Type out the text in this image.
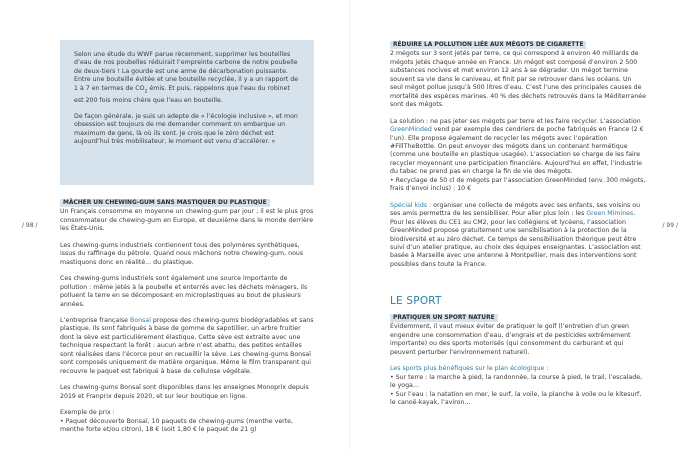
/ 98 /	/ 99 /

Selon une étude du WWF parue récemment, supprimer les bouteilles d’eau de nos poubelles réduirait l’empreinte carbone de notre poubelle de deux-tiers ! La gourde est une arme de décarbonation puissante. Entre une bouteille évitée et une bouteille recyclée, il y a un rapport de 1 à 7 en termes de $CO_2$ émis. Et puis, rappelons que l’eau du robinet est 200 fois moins chère que l’eau en bouteille.

De façon générale, je suis un adepte de « l’écologie inclusive », et mon obsession est toujours de me demander comment on embarque un maximum de gens, là où ils sont. Je crois que le zéro déchet est aujourd’hui très mobilisateur, le moment est venu d’accélérer. »

MÂCHER UN CHEWING-GUM SANS MASTIQUER DU PLASTIQUE

Un Français consomme en moyenne un chewing-gum par jour ; il est le plus gros consommateur de chewing-gum en Europe, et deuxième dans le monde derrière les États-Unis.

Les chewing-gums industriels contiennent tous des polymères synthétiques, issus du raffinage du pétrole. Quand nous mâchons notre chewing-gum, nous mastiquons donc en réalité... du plastique.

Ces chewing-gums industriels sont également une source importante de pollution : même jetés à la poubelle et enterrés avec les déchets ménagers, ils polluent la terre en se décomposant en microplastiques au bout de plusieurs années.

L’entreprise française Bonsaï propose des chewing-gums biodégradables et sans plastique. Ils sont fabriqués à base de gomme de sapotillier, un arbre fruitier dont la sève est particulièrement élastique. Cette sève est extraite avec une technique respectant la forêt : aucun arbre n’est abattu, des petites entailles sont réalisées dans l’écorce pour en recueillir la sève. Les chewing-gums Bonsaï sont composés uniquement de matière organique. Même le film transparent qui recouvre le paquet est fabriqué à base de cellulose végétale.

Les chewing-gums Bonsaï sont disponibles dans les enseignes Monoprix depuis 2019 et Franprix depuis 2020, et sur leur boutique en ligne.

Exemple de prix :

• Paquet découverte Bonsaï, 10 paquets de chewing-gums (menthe verte, menthe forte et/ou citron), 18 € (soit 1,80 € le paquet de 21 g)

RÉDUIRE LA POLLUTION LIÉE AUX MÉGOTS DE CIGARETTE

2 mégots sur 3 sont jetés par terre, ce qui correspond à environ 40 milliards de mégots jetés chaque année en France. Un mégot est composé d’environ 2 500 substances nocives et met environ 12 ans à se dégrader. Un mégot termine souvent sa vie dans le caniveau, et finit par se retrouver dans les océans. Un seul mégot pollue jusqu’à 500 litres d’eau. C’est l’une des principales causes de mortalité des espèces marines. 40 % des déchets retrouvés dans la Méditerranée sont des mégots.

La solution : ne pas jeter ses mégots par terre et les faire recycler. L’association GreenMinded vend par exemple des cendriers de poche fabriqués en France (2 € l’un). Elle propose également de recycler les mégots avec l’opération #FillTheBottle. On peut envoyer des mégots dans un contenant hermétique (comme une bouteille en plastique usagée). L’association se charge de les faire recycler moyennant une participation financière. Aujourd’hui en effet, l’industrie du tabac ne prend pas en charge la fin de vie des mégots.

• Recyclage de 50 cl de mégots par l’association GreenMinded (env. 300 mégots, frais d’envoi inclus) : 10 €

Spécial kids : organiser une collecte de mégots avec ses enfants, ses voisins ou ses amis permettra de les sensibiliser. Pour aller plus loin : les Green Mimines. Pour les élèves du CE1 au CM2, pour les collégiens et lycéens, l’association GreenMinded propose gratuitement une sensibilisation à la protection de la biodiversité et au zéro déchet. Ce temps de sensibilisation théorique peut être suivi d’un atelier pratique, au choix des équipes enseignantes. L’association est basée à Marseille avec une antenne à Montpellier, mais des interventions sont possibles dans toute la France.

LE SPORT
PRATIQUER UN SPORT NATURE

Évidemment, il vaut mieux éviter de pratiquer le golf (l’entretien d’un green engendre une consommation d’eau, d’engrais et de pesticides extrêmement importante) ou des sports motorisés (qui consomment du carburant et qui peuvent perturber l’environnement naturel).

Les sports plus bénéfiques sur le plan écologique :

• Sur terre : la marche à pied, la randonnée, la course à pied, le trail, l’escalade, le yoga...

• Sur l’eau : la natation en mer, le surf, la voile, la planche à voile ou le kitesurf, le canoë-kayak, l’aviron...
